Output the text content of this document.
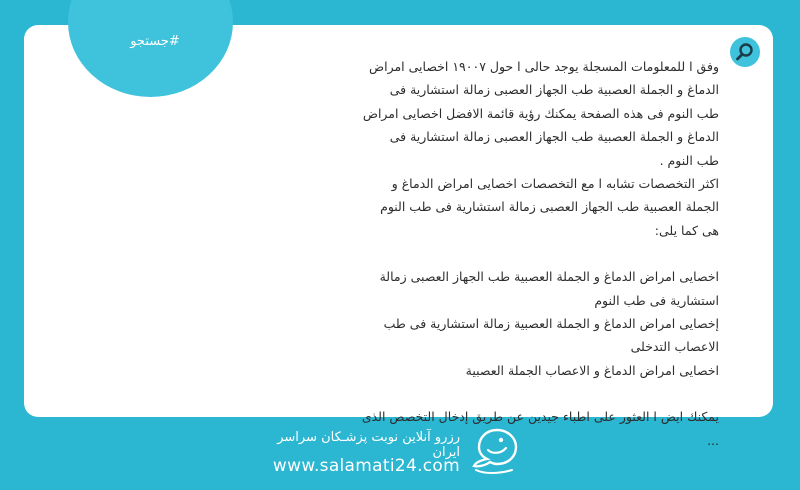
#جستجو

وفق ا للمعلومات المسجلة يوجد حالی ا حول ۱۹۰۰۷ اخصایی امراض

الدماغ و الجملة العصبية طب الجهاز العصبی زمالة استشارية فی

طب النوم فی هذه الصفحة يمكنك رؤية قائمة الافضل اخصایی امراض

الدماغ و الجملة العصبية طب الجهاز العصبی زمالة استشارية فی

طب النوم .

اكثر التخصصات تشابه ا مع التخصصات اخصایی امراض الدماغ و

الجملة العصبية طب الجهاز العصبی زمالة استشارية فی طب النوم

هی كما يلی:

اخصایی امراض الدماغ و الجملة العصبية طب الجهاز العصبی زمالة

استشارية فی طب النوم

إخصایی امراض الدماغ و الجملة العصبية زمالة استشارية فی طب

الاعصاب التدخلی

اخصایی امراض الدماغ و الاعصاب الجملة العصبية

يمكنك ايض ا العثور علی اطباء جيدين عن طريق إدخال التخصص الذی

...

رزرو آنلاین نوبت پزشـكان سراسر ایران
www.salamati24.com
